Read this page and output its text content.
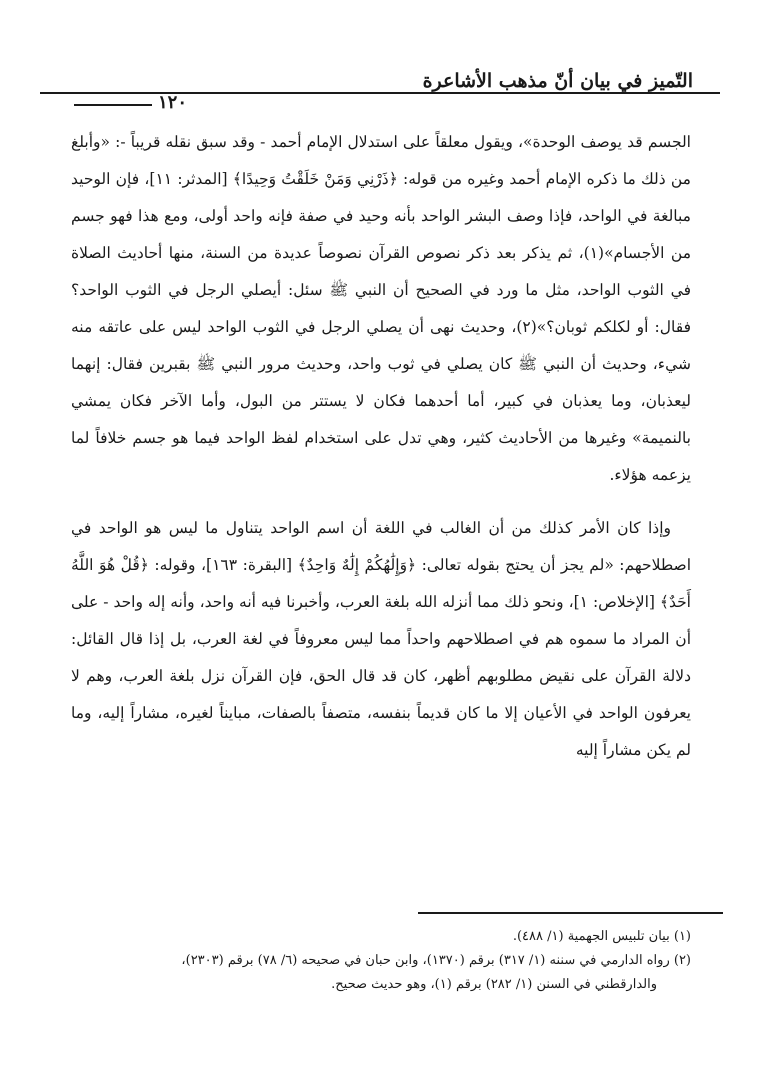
التّميز في بيان أنّ مذهب الأشاعرة
١٢٠

الجسم قد يوصف الوحدة»، ويقول معلقاً على استدلال الإمام أحمد - وقد سبق نقله قريباً -: «وأبلغ من ذلك ما ذكره الإمام أحمد وغيره من قوله: ﴿ذَرْنِي وَمَنْ خَلَقْتُ وَحِيدًا﴾ [المدثر: ١١]، فإن الوحيد مبالغة في الواحد، فإذا وصف البشر الواحد بأنه وحيد في صفة فإنه واحد أولى، ومع هذا فهو جسم من الأجسام»(١)، ثم يذكر بعد ذكر نصوص القرآن نصوصاً عديدة من السنة، منها أحاديث الصلاة في الثوب الواحد، مثل ما ورد في الصحيح أن النبي ﷺ سئل: أيصلي الرجل في الثوب الواحد؟ فقال: أو لكلكم ثوبان؟»(٢)، وحديث نهى أن يصلي الرجل في الثوب الواحد ليس على عاتقه منه شيء، وحديث أن النبي ﷺ كان يصلي في ثوب واحد، وحديث مرور النبي ﷺ بقبرين فقال: إنهما ليعذبان، وما يعذبان في كبير، أما أحدهما فكان لا يستتر من البول، وأما الآخر فكان يمشي بالنميمة» وغيرها من الأحاديث كثير، وهي تدل على استخدام لفظ الواحد فيما هو جسم خلافاً لما يزعمه هؤلاء.

وإذا كان الأمر كذلك من أن الغالب في اللغة أن اسم الواحد يتناول ما ليس هو الواحد في اصطلاحهم: «لم يجز أن يحتج بقوله تعالى: ﴿وَإِلَٰهُكُمْ إِلَٰهٌ وَاحِدٌ﴾ [البقرة: ١٦٣]، وقوله: ﴿قُلْ هُوَ اللَّهُ أَحَدٌ﴾ [الإخلاص: ١]، ونحو ذلك مما أنزله الله بلغة العرب، وأخبرنا فيه أنه واحد، وأنه إله واحد - على أن المراد ما سموه هم في اصطلاحهم واحداً مما ليس معروفاً في لغة العرب، بل إذا قال القائل: دلالة القرآن على نقيض مطلوبهم أظهر، كان قد قال الحق، فإن القرآن نزل بلغة العرب، وهم لا يعرفون الواحد في الأعيان إلا ما كان قديماً بنفسه، متصفاً بالصفات، مبايناً لغيره، مشاراً إليه، وما لم يكن مشاراً إليه

(١) بيان تلبيس الجهمية (١/ ٤٨٨).
(٢) رواه الدارمي في سننه (١/ ٣١٧) برقم (١٣٧٠)، وابن حبان في صحيحه (٦/ ٧٨) برقم (٢٣٠٣)،
والدارقطني في السنن (١/ ٢٨٢) برقم (١)، وهو حديث صحيح.
